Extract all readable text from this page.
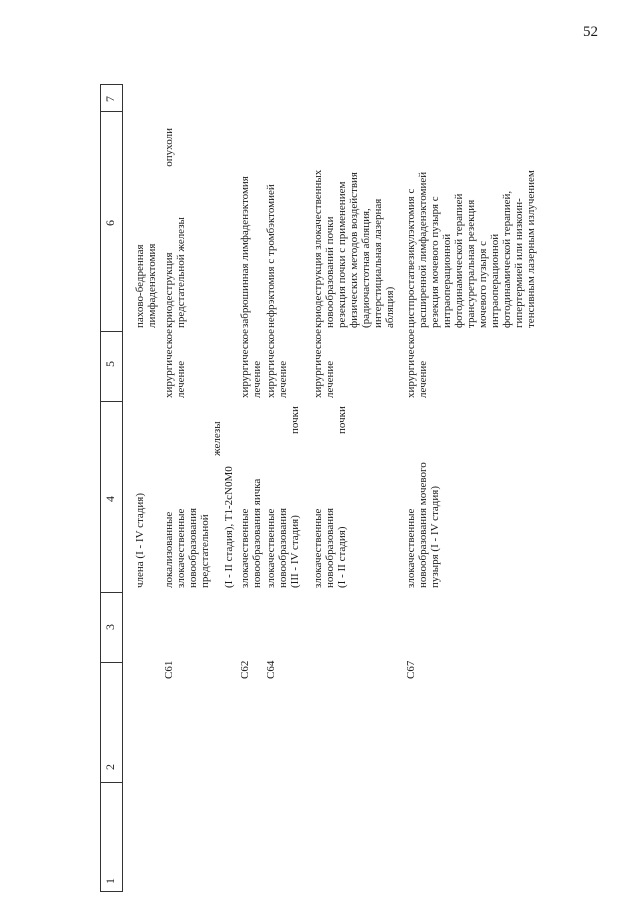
52
1
2
3
4
5
6
7
члена (I - IV стадия)
паховo-бедренная лимфаденэктомия
C61
локализованные злокачественные новообразования предстательной
железы
(I - II стадия), T1-2cN0M0
хирургическое лечение
криодеструкция
опухоли
предстательной железы
C62
злокачественные новообразования яичка
хирургическое лечение
забрюшинная лимфаденэктомия
C64
злокачественные новообразования
почки
(III - IV стадия)
хирургическое лечение
нефрэктомия с тромбэктомией
злокачественные новообразования
почки
(I - II стадия)
хирургическое лечение
криодеструкция злокачественных новообразований почки резекция почки с применением физических методов воздействия (радиочастотная абляция, интерстициальная лазерная абляция)
C67
злокачественные новообразования мочевого пузыря (I - IV стадия)
хирургическое лечение
цистпростатвезикулэктомия с расширенной лимфаденэктомией резекция мочевого пузыря с интраоперационной фотодинамической терапией трансуретральная резекция мочевого пузыря с интраоперационной фотодинамической терапией, гипертермией или низкоин- тенсивным лазерным излучением
